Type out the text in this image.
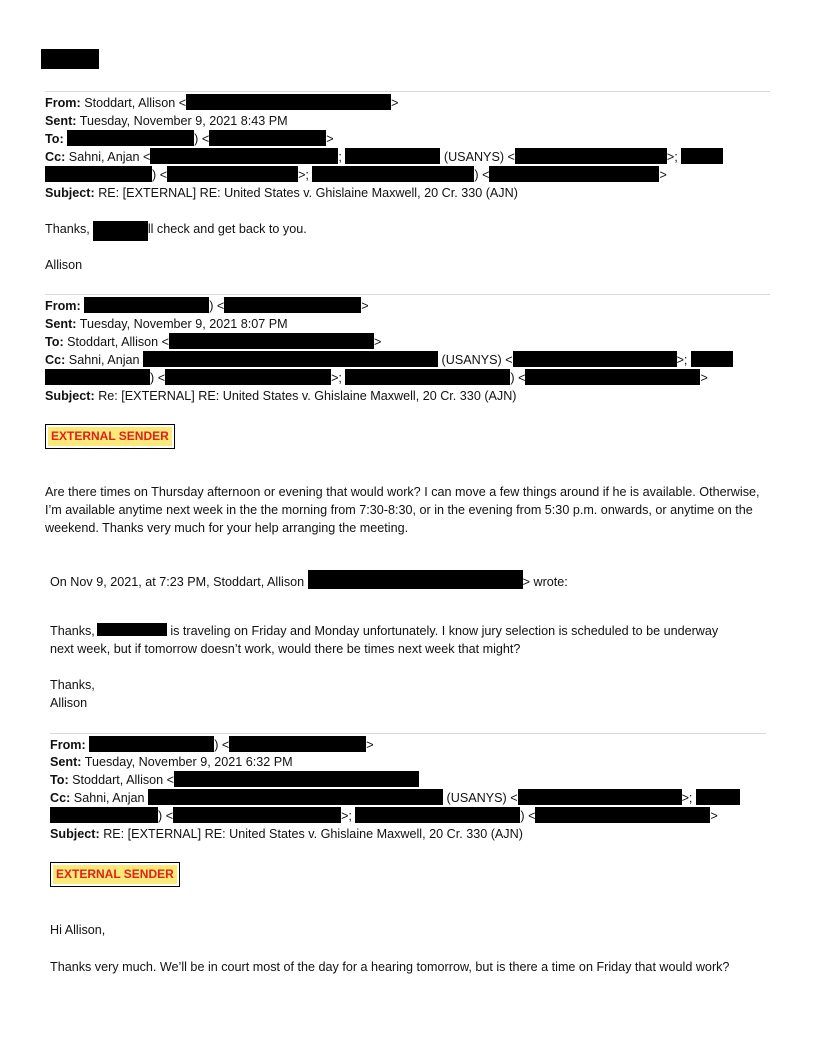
From: Stoddart, Allison <	>
Sent: Tuesday, November 9, 2021 8:43 PM
To:	) <	>
Cc: Sahni, Anjan <	;	(USANYS) <	>;
) <	>;	) <	>
Subject: RE: [EXTERNAL] RE: United States v. Ghislaine Maxwell, 20 Cr. 330 (AJN)
Thanks,	ll check and get back to you.
Allison
From:	) <	>
Sent: Tuesday, November 9, 2021 8:07 PM
To: Stoddart, Allison <	>
Cc: Sahni, Anjan	(USANYS) <	>;
) <	>;	) <	>
Subject: Re: [EXTERNAL] RE: United States v. Ghislaine Maxwell, 20 Cr. 330 (AJN)
EXTERNAL SENDER
Are there times on Thursday afternoon or evening that would work? I can move a few things around if he is available. Otherwise, I’m available anytime next week in the the morning from 7:30-8:30, or in the evening from 5:30 p.m. onwards, or anytime on the weekend. Thanks very much for your help arranging the meeting.
On Nov 9, 2021, at 7:23 PM, Stoddart, Allison	> wrote:
Thanks,	is traveling on Friday and Monday unfortunately. I know jury selection is scheduled to be underway
next week, but if tomorrow doesn’t work, would there be times next week that might?
Thanks,
Allison
From:	) <	>
Sent: Tuesday, November 9, 2021 6:32 PM
To: Stoddart, Allison <
Cc: Sahni, Anjan	(USANYS) <	>;
) <	>;	) <	>
Subject: RE: [EXTERNAL] RE: United States v. Ghislaine Maxwell, 20 Cr. 330 (AJN)
EXTERNAL SENDER
Hi Allison,
Thanks very much. We’ll be in court most of the day for a hearing tomorrow, but is there a time on Friday that would work?
